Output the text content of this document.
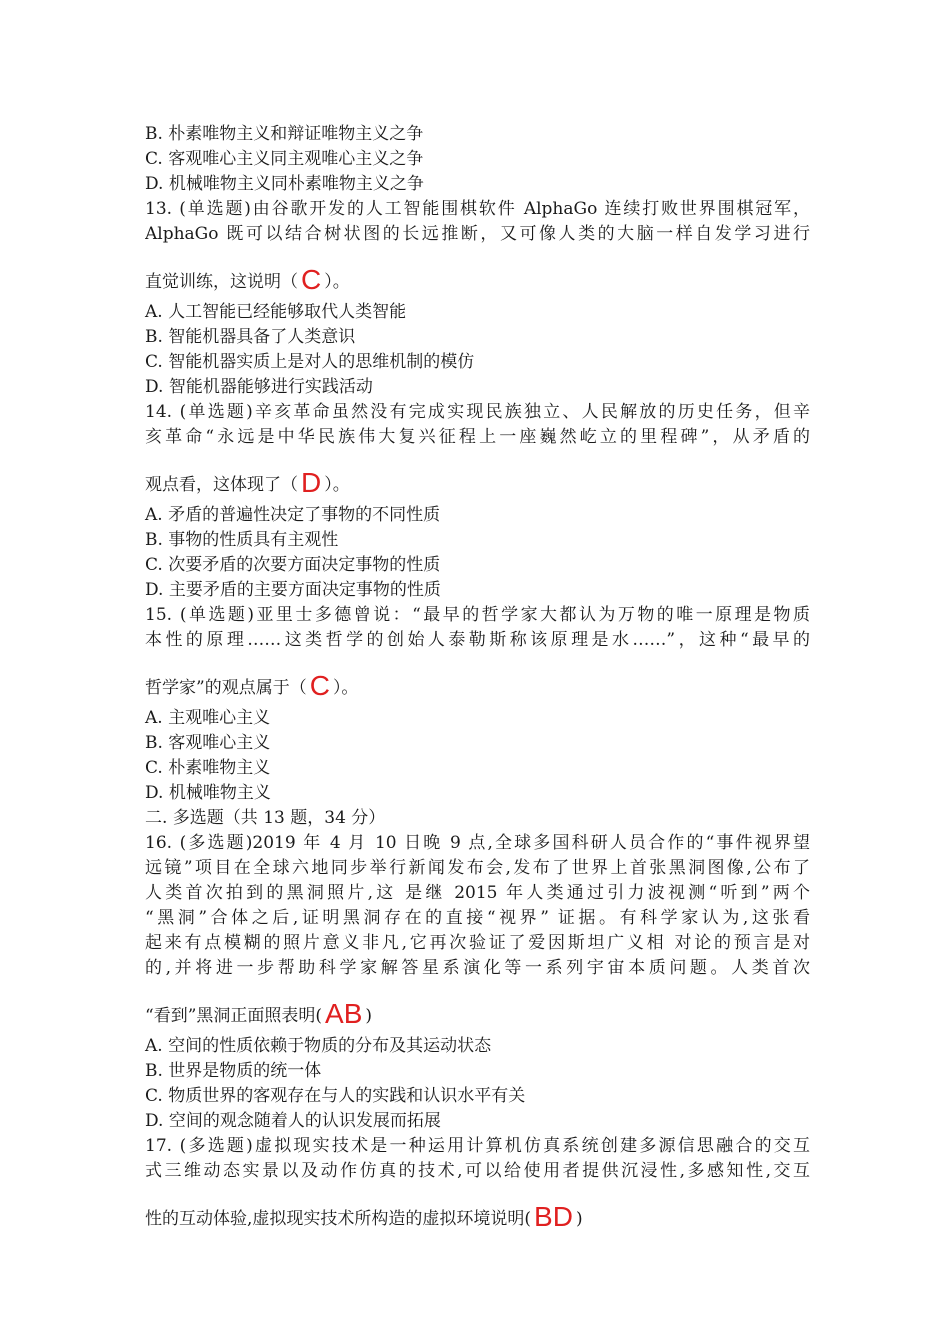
B. 朴素唯物主义和辩证唯物主义之争
C. 客观唯心主义同主观唯心主义之争
D. 机械唯物主义同朴素唯物主义之争
13. (单选题)由谷歌开发的人工智能围棋软件 AlphaGo 连续打败世界围棋冠军，
AlphaGo 既可以结合树状图的长远推断，又可像人类的大脑一样自发学习进行
直觉训练，这说明（ C ）。
A. 人工智能已经能够取代人类智能
B. 智能机器具备了人类意识
C. 智能机器实质上是对人的思维机制的模仿
D. 智能机器能够进行实践活动
14. (单选题)辛亥革命虽然没有完成实现民族独立、人民解放的历史任务，但辛
亥革命“永远是中华民族伟大复兴征程上一座巍然屹立的里程碑”，从矛盾的
观点看，这体现了（ D ）。
A. 矛盾的普遍性决定了事物的不同性质
B. 事物的性质具有主观性
C. 次要矛盾的次要方面决定事物的性质
D. 主要矛盾的主要方面决定事物的性质
15. (单选题)亚里士多德曾说：“最早的哲学家大都认为万物的唯一原理是物质
本性的原理……这类哲学的创始人泰勒斯称该原理是水……”，这种“最早的
哲学家”的观点属于（ C ）。
A. 主观唯心主义
B. 客观唯心主义
C. 朴素唯物主义
D. 机械唯物主义
二. 多选题（共 13 题，34 分）
16. (多选题)2019 年 4 月 10 日晚 9 点,全球多国科研人员合作的“事件视界望
远镜”项目在全球六地同步举行新闻发布会,发布了世界上首张黑洞图像,公布了
人类首次拍到的黑洞照片,这 是继 2015 年人类通过引力波视测“听到”两个
“黑洞”合体之后,证明黑洞存在的直接“视界” 证据。有科学家认为,这张看
起来有点模糊的照片意义非凡,它再次验证了爱因斯坦广义相 对论的预言是对
的,并将进一步帮助科学家解答星系演化等一系列宇宙本质问题。人类首次
“看到”黑洞正面照表明( AB )
A. 空间的性质依赖于物质的分布及其运动状态
B. 世界是物质的统一体
C. 物质世界的客观存在与人的实践和认识水平有关
D. 空间的观念随着人的认识发展而拓展
17. (多选题)虚拟现实技术是一种运用计算机仿真系统创建多源信思融合的交互
式三维动态实景以及动作仿真的技术,可以给使用者提供沉浸性,多感知性,交互
性的互动体验,虚拟现实技术所构造的虚拟环境说明( BD )
